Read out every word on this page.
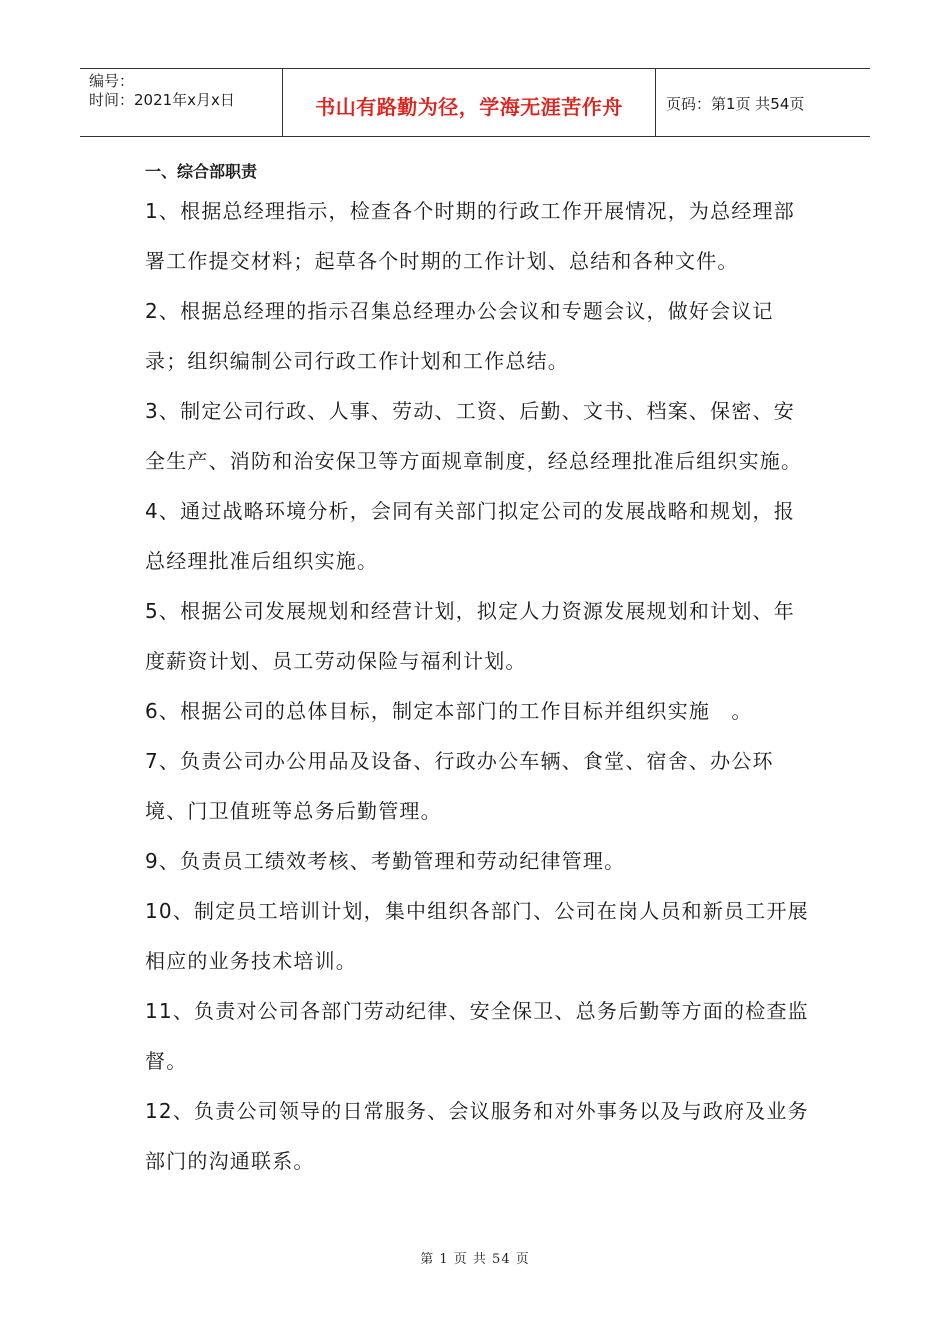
编号：
时间：2021年x月x日	书山有路勤为径，学海无涯苦作舟	页码：第1页 共54页
一、综合部职责

1、根据总经理指示，检查各个时期的行政工作开展情况，为总经理部署工作提交材料；起草各个时期的工作计划、总结和各种文件。

2、根据总经理的指示召集总经理办公会议和专题会议，做好会议记录；组织编制公司行政工作计划和工作总结。

3、制定公司行政、人事、劳动、工资、后勤、文书、档案、保密、安全生产、消防和治安保卫等方面规章制度，经总经理批准后组织实施。

4、通过战略环境分析，会同有关部门拟定公司的发展战略和规划，报总经理批准后组织实施。

5、根据公司发展规划和经营计划，拟定人力资源发展规划和计划、年度薪资计划、员工劳动保险与福利计划。

6、根据公司的总体目标，制定本部门的工作目标并组织实施　。

7、负责公司办公用品及设备、行政办公车辆、食堂、宿舍、办公环境、门卫值班等总务后勤管理。

9、负责员工绩效考核、考勤管理和劳动纪律管理。

10、制定员工培训计划，集中组织各部门、公司在岗人员和新员工开展相应的业务技术培训。

11、负责对公司各部门劳动纪律、安全保卫、总务后勤等方面的检查监督。

12、负责公司领导的日常服务、会议服务和对外事务以及与政府及业务部门的沟通联系。

第 1 页 共 54 页
